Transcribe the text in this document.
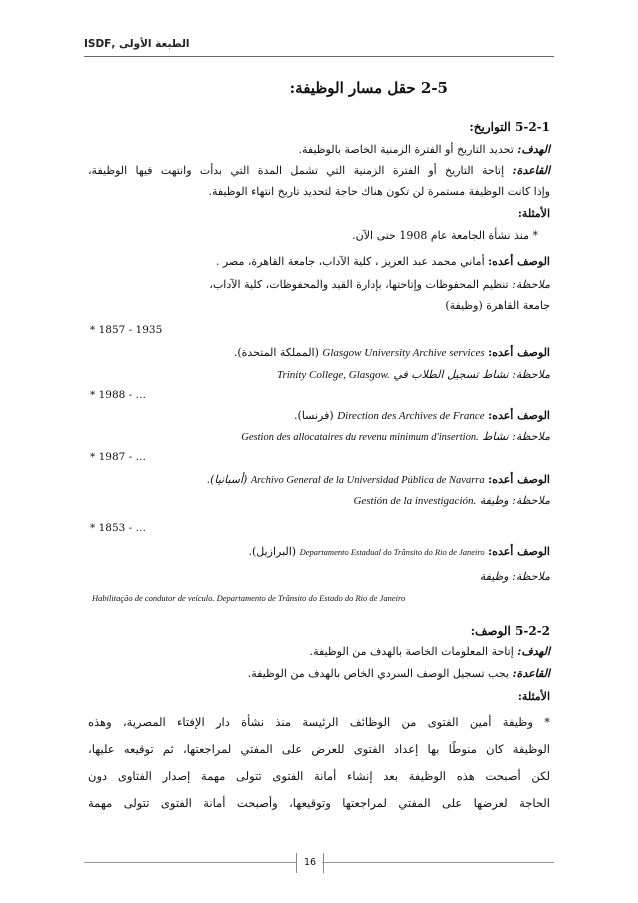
الطبعة الأولى ,ISDF
2-5 حقل مسار الوظيفة:
5-2-1 التواريخ:
الهدف: تحديد التاريخ أو الفترة الزمنية الخاصة بالوظيفة.
القاعدة: إتاحة التاريخ أو الفترة الزمنية التي تشمل المدة التي بدأت وانتهت فيها الوظيفة،
وإذا كانت الوظيفة مستمرة لن تكون هناك حاجة لتحديد تاريخ انتهاء الوظيفة.
الأمثلة:
* منذ نشأة الجامعة عام 1908 حتى الآن.
الوصف أعده: أماني محمد عبد العزيز ، كلية الآداب، جامعة القاهرة، مصر .
ملاحظة: تنظيم المحفوظات وإتاحتها، بإدارة القيد والمحفوظات، كلية الآداب،
جامعة القاهرة (وظيفة)
* 1857 - 1935
الوصف أعده: Glasgow University Archive services (المملكة المتحدة).
ملاحظة: نشاط تسجيل الطلاب في Trinity College, Glasgow.
* 1988 - …
الوصف أعده: Direction des Archives de France (فرنسا).
ملاحظة: نشاط Gestion des allocataires du revenu minimum d'insertion.
* 1987 - …
الوصف أعده: Archivo General de la Universidad Pública de Navarra (أسبانيا).
ملاحظة: وظيفة Gestión de la investigación.
* 1853 - …
الوصف أعده: Departamento Estadual do Trânsito do Rio de Janeiro (البرازيل).
ملاحظة: وظيفة
Habilitação de condutor de veículo. Departamento de Trânsito do Estado do Rio de Janeiro
5-2-2 الوصف:
الهدف: إتاحة المعلومات الخاصة بالهدف من الوظيفة.
القاعدة: يجب تسجيل الوصف السردي الخاص بالهدف من الوظيفة.
الأمثلة:
* وظيفة أمين الفتوى من الوظائف الرئيسة منذ نشأة دار الإفتاء المصرية، وهذه
الوظيفة كان منوطًا بها إعداد الفتوى للعرض على المفتي لمراجعتها، ثم توقيعه عليها،
لكن أصبحت هذه الوظيفة بعد إنشاء أمانة الفتوى تتولى مهمة إصدار الفتاوى دون
الحاجة لعرضها على المفتي لمراجعتها وتوقيعها، وأصبحت أمانة الفتوى تتولى مهمة
16
